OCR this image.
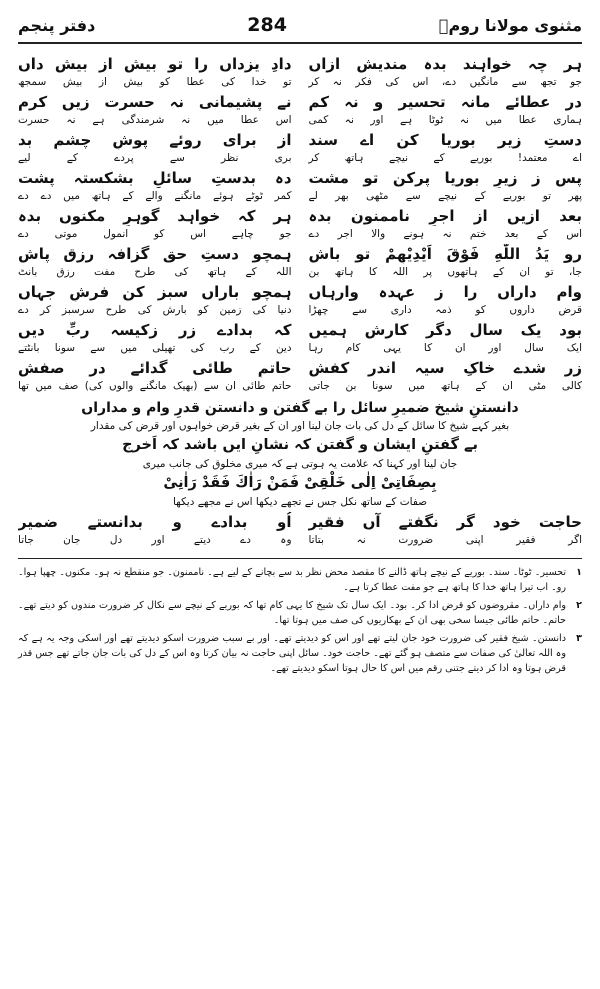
مثنوی مولانا رومؒ
284
دفتر پنجم
ہر چہ خواہند بدہ مندیش ازاں
دادِ یزداں را تو بیش از بیش داں
جو تجھ سے مانگیں دے، اس کی فکر نہ کر
تو خدا کی عطا کو بیش از بیش سمجھ
در عطائے مانہ تحسیر و نہ کم
نے پشیمانی نہ حسرت زیں کرم
ہماری عطا میں نہ ٹوٹا ہے اور نہ کمی
اس عطا میں نہ شرمندگی ہے نہ حسرت
دستِ زیر بوریا کن اے سند
از برای روئے پوشِ چشمِ بد
اے معتمد! بوریے کے نیچے ہاتھ کر
بری نظر سے پردے کے لیے
پس ز زیرِ بوریا پرکن تو مشت
دہ بدستِ سائلِ بشکستہ پشت
پھر تو بوریے کے نیچے سے مٹھی بھر لے
کمر ٹوٹے ہوئے مانگنے والے کے ہاتھ میں دے دے
بعد ازیں از اجرِ ناممنون بدہ
ہر کہ خواہد گوہرِ مکنوں بدہ
اس کے بعد ختم نہ ہونے والا اجر دے
جو چاہے اس کو انمول موتی دے
رو یَدُ اللّٰهِ فَوْقَ اَیْدِیْهِمْ تو باش
ہمچو دستِ حق گزافہ رزق پاش
جا، تو ان کے ہاتھوں پر اللہ کا ہاتھ بن
اللہ کے ہاتھ کی طرح مفت رزق بانٹ
وام داراں را ز عہدہ وارہاں
ہمچو باراں سبز کن فرشِ جہاں
قرض داروں کو ذمہ داری سے چھڑا
دنیا کی زمین کو بارش کی طرح سرسبز کر دے
بود یک سال دگر کارش ہمیں
کہ بدادے زر زکیسہ ربِّ دیں
ایک سال اور ان کا یہی کام رہا
دین کے رب کی تھیلی میں سے سونا بانٹتے
زر شدے خاکِ سیہ اندر کفش
حاتمِ طائی گدائے در صفش
کالی مٹی ان کے ہاتھ میں سونا بن جاتی
حاتم طائی ان سے (بھیک مانگنے والوں کی) صف میں تھا
دانستنِ شیخ ضمیرِ سائل را بے گفتن و دانستن قدرِ وام و مداراں
بغیر کہے شیخ کا سائل کے دل کی بات جان لینا اور ان کے بغیر قرض خواہوں اور قرض کی مقدار
بے گفتنِ ایشان و گفتن کہ نشانِ ایں باشد کہ اَخرج
جان لینا اور کہنا کہ علامت یہ ہوتی ہے کہ میری مخلوق کی جانب میری
بِصِفَاتِیْ اِلٰی خَلْقِیْ فَمَنْ رَاٰكَ فَقَدْ رَاٰنِیْ
صفات کے ساتھ نکل جس نے تجھے دیکھا اس نے مجھے دیکھا
حاجت خود گر نگفتے آں فقیر
اُو بدادے و بدانستے ضمیر
اگر فقیر اپنی ضرورت نہ بتاتا
وہ دے دیتے اور دل جان جاتا
١
تحسیر۔ ٹوٹا۔ سند۔ بوریے کے نیچے ہاتھ ڈالنے کا مقصد محض نظر بد سے بچانے کے لیے ہے۔ ناممنون۔ جو منقطع نہ ہو۔ مکنوں۔ چھپا ہوا۔ رو۔ اب تیرا ہاتھ خدا کا ہاتھ ہے جو مفت عطا کرتا ہے۔
٢
وام داراں۔ مقروضوں کو قرض ادا کر۔ بود۔ ایک سال تک شیخ کا یہی کام تھا کہ بوریے کے نیچے سے نکال کر ضرورت مندوں کو دیتے تھے۔ حاتم۔ حاتم طائی جیسا سخی بھی ان کے بھکاریوں کی صف میں ہوتا تھا۔
٣
دانستن۔ شیخ فقیر کی ضرورت خود جان لیتے تھے اور اس کو دیدیتے تھے۔ اور بے سبب ضرورت اسکو دیدیتے تھے اور اسکی وجہ یہ ہے کہ وہ اللہ تعالیٰ کی صفات سے متصف ہو گئے تھے۔ حاجت خود۔ سائل اپنی حاجت نہ بیان کرتا وہ اس کے دل کی بات جان جاتے تھے جس قدر قرض ہوتا وہ ادا کر دیتے جتنی رقم میں اس کا حال ہوتا اسکو دیدیتے تھے۔
